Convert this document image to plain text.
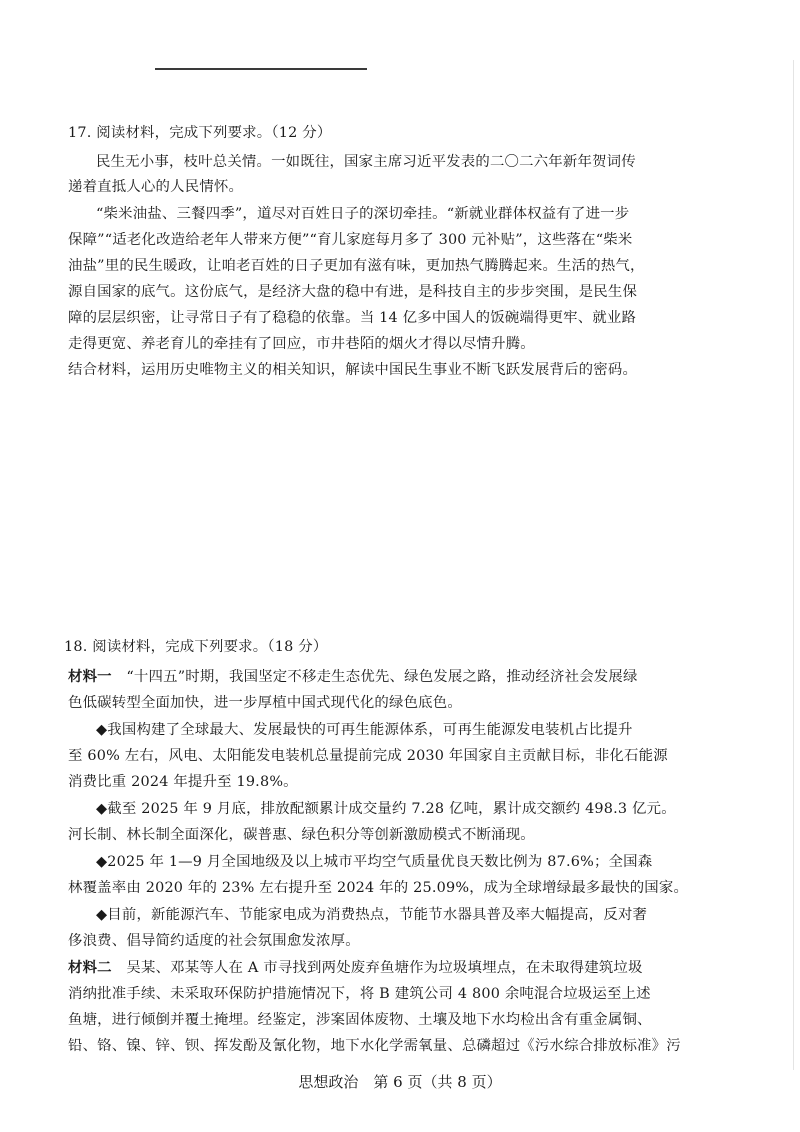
17. 阅读材料，完成下列要求。（12 分）
民生无小事，枝叶总关情。一如既往，国家主席习近平发表的二〇二六年新年贺词传
递着直抵人心的人民情怀。
“柴米油盐、三餐四季”，道尽对百姓日子的深切牵挂。“新就业群体权益有了进一步
保障”“适老化改造给老年人带来方便”“育儿家庭每月多了 300 元补贴”，这些落在“柴米
油盐”里的民生暖政，让咱老百姓的日子更加有滋有味，更加热气腾腾起来。生活的热气，
源自国家的底气。这份底气，是经济大盘的稳中有进，是科技自主的步步突围，是民生保
障的层层织密，让寻常日子有了稳稳的依靠。当 14 亿多中国人的饭碗端得更牢、就业路
走得更宽、养老育儿的牵挂有了回应，市井巷陌的烟火才得以尽情升腾。
结合材料，运用历史唯物主义的相关知识，解读中国民生事业不断飞跃发展背后的密码。
18. 阅读材料，完成下列要求。（18 分）
材料一　“十四五”时期，我国坚定不移走生态优先、绿色发展之路，推动经济社会发展绿
色低碳转型全面加快，进一步厚植中国式现代化的绿色底色。
◆我国构建了全球最大、发展最快的可再生能源体系，可再生能源发电装机占比提升
至 60% 左右，风电、太阳能发电装机总量提前完成 2030 年国家自主贡献目标，非化石能源
消费比重 2024 年提升至 19.8%。
◆截至 2025 年 9 月底，排放配额累计成交量约 7.28 亿吨，累计成交额约 498.3 亿元。
河长制、林长制全面深化，碳普惠、绿色积分等创新激励模式不断涌现。
◆2025 年 1—9 月全国地级及以上城市平均空气质量优良天数比例为 87.6%；全国森
林覆盖率由 2020 年的 23% 左右提升至 2024 年的 25.09%，成为全球增绿最多最快的国家。
◆目前，新能源汽车、节能家电成为消费热点，节能节水器具普及率大幅提高，反对奢
侈浪费、倡导简约适度的社会氛围愈发浓厚。
材料二　吴某、邓某等人在 A 市寻找到两处废弃鱼塘作为垃圾填埋点，在未取得建筑垃圾
消纳批准手续、未采取环保防护措施情况下，将 B 建筑公司 4 800 余吨混合垃圾运至上述
鱼塘，进行倾倒并覆土掩埋。经鉴定，涉案固体废物、土壤及地下水均检出含有重金属铜、
铅、铬、镍、锌、钡、挥发酚及氰化物，地下水化学需氧量、总磷超过《污水综合排放标准》污
思想政治　第 6 页（共 8 页）
